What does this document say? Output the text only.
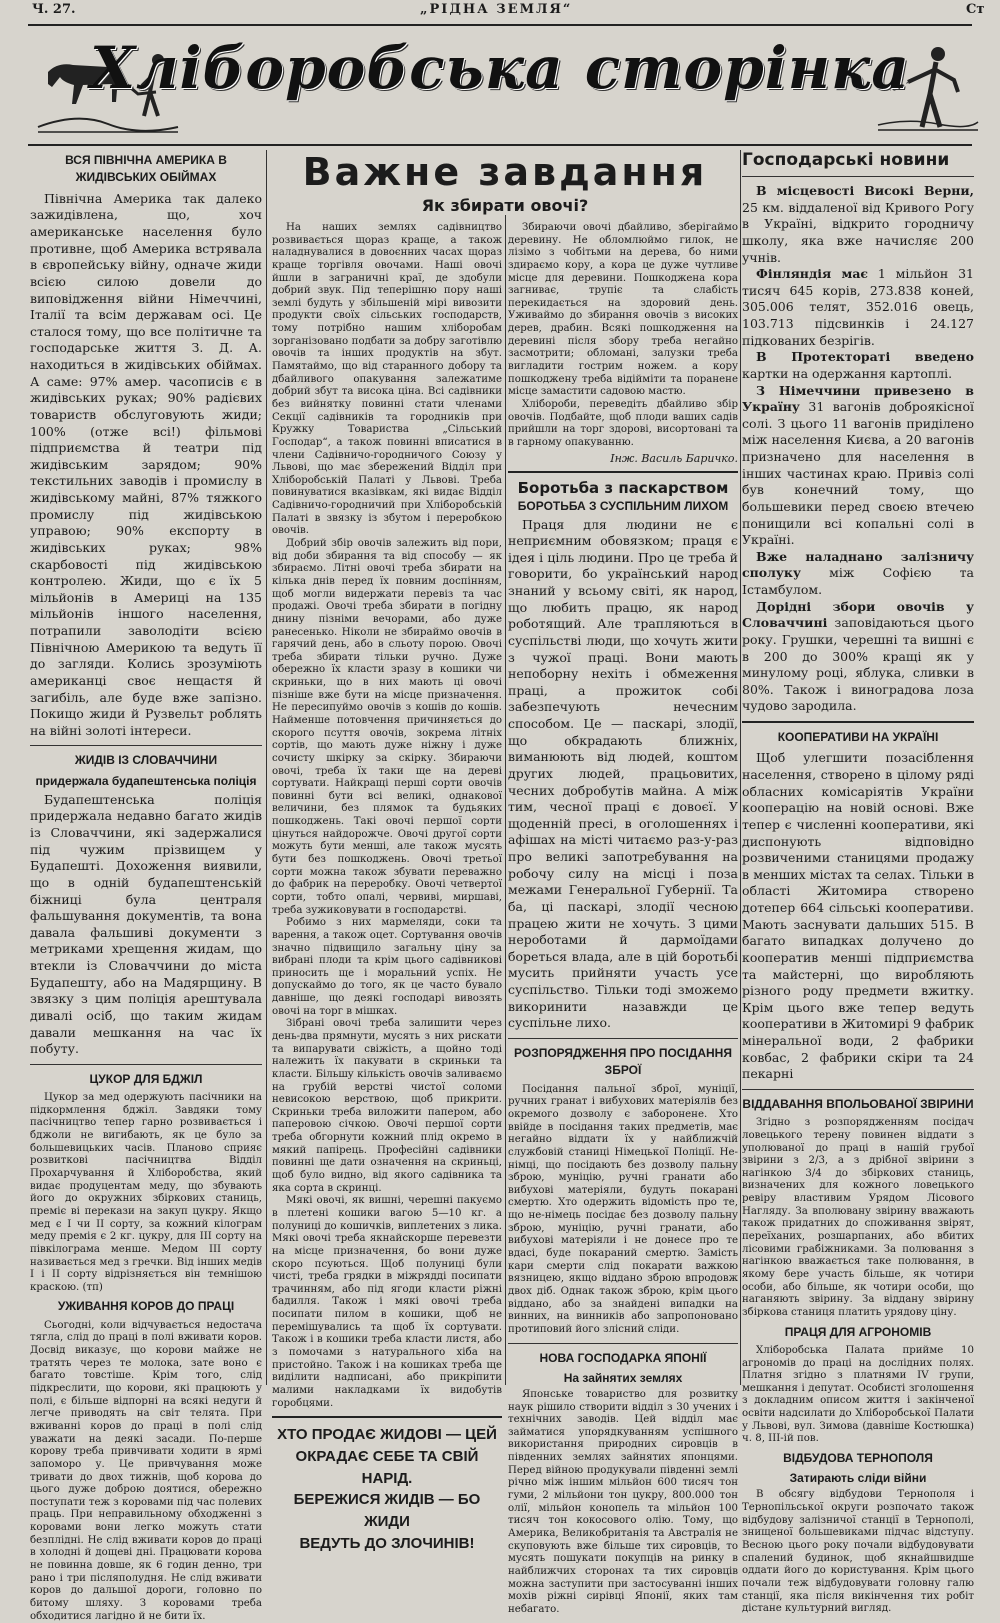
Ч. 27.	„РІДНА ЗЕМЛЯ“	Ст
Хліборобська сторінка
ВСЯ ПІВНІЧНА АМЕРИКА В ЖИДІВСЬКИХ ОБІЙМАХ

Північна Америка так далеко зажидівлена, що, хоч американське населення було противне, щоб Америка встрявала в європейську війну, одначе жиди всією силою довели до виповідження війни Німеччині, Італії та всім державам осі. Це сталося тому, що все політичне та господарське життя З. Д. А. находиться в жидівських обіймах. А саме: 97% амер. часописів є в жидівських руках; 90% радієвих товариств обслуговують жиди; 100% (отже всі!) фільмові підприємства й театри під жидівським зарядом; 90% текстильних заводів і промислу в жидівському майні, 87% тяжкого промислу під жидівською управою; 90% експорту в жидівських руках; 98% скарбовості під жидівською контролею. Жиди, що є їх 5 мільйонів в Америці на 135 мільйонів іншого населення, потрапили заволодіти всією Північною Америкою та ведуть її до загляди. Колись зрозуміють американці своє нещастя й загибіль, але буде вже запізно. Покищо жиди й Рузвельт роблять на війні золоті інтереси.

ЖИДІВ ІЗ СЛОВАЧЧИНИ
придержала будапештенська поліція

Будапештенська поліція придержала недавно багато жидів із Словаччини, які задержалися під чужим прізвищем у Будапешті. Дохоження виявили, що в одній будапештенській біжниці була централя фальшування документів, та вона давала фальшиві документи з метриками хрещення жидам, що втекли із Словаччини до міста Будапешту, або на Мадярщину. В звязку з цим поліція арештувала дивалі осіб, що таким жидам давали мешкання на час їх побуту.

ЦУКОР ДЛЯ БДЖІЛ

Цукор за мед одержують пасічники на підкормлення бджіл. Завдяки тому пасічництво тепер гарно розвивається і бджоли не вигибають, як це було за большевицьких часів. Планово сприяє розвиткові пасічництва Відділ Прохарчування й Хліборобства, який видає продуцентам меду, що збувають його до окружних збіркових станиць, преміє ві перекази на закуп цукру. Якщо мед є І чи ІІ сорту, за кожний кілограм меду премія є 2 кг. цукру, для ІІІ сорту на півкілограма менше. Медом ІІІ сорту називається мед з гречки. Від інших медів І і ІІ сорту відрізняється він темнішою краскою. (тп)

УЖИВАННЯ КОРОВ ДО ПРАЦІ

Сьогодні, коли відчувається недостача тягла, слід до праці в полі вживати коров. Досвід виказує, що корови майже не тратять через те молока, зате воно є багато товстіше. Крім того, слід підкреслити, що корови, які працюють у полі, є більше відпорні на всякі недуги й легче приводять на світ телята. При вживанні коров до праці в полі слід уважати на деякі засади. По-перше корову треба привчивати ходити в ярмі запоморо у. Це привчування може тривати до двох тижнів, щоб корова до цього дуже доброю доятися, обережно поступати теж з коровами під час полевих праць. При неправильному обходженні з коровами вони легко можуть стати безплідні. Не слід вживати коров до праці в холодні й дощеві дні. Працювати корова не повинна довше, як 6 годин денно, три рано і три післяполудня. Не слід вживати коров до дальшої дороги, головно по битому шляху. З коровами треба обходитися лагідно й не бити їх.

Важне завдання
Як збирати овочі?

На наших землях садівництво розвивається щораз краще, а також наладнувалися в довоєнних часах щораз краще торгівля овочами. Наші овочі йшли в заграничні краї, де здобули добрий звук. Під теперішню пору наші землі будуть у збільшеній мірі вивозити продукти своїх сільських господарств, тому потрібно нашим хліборобам зорганізовано подбати за добру заготівлю овочів та інших продуктів на збут. Памятаймо, що від старанного добору та дбайливого опакування залежатиме добрий збут та висока ціна. Всі садівники без вийнятку повинні стати членами Секції садівників та городників при Кружку Товариства „Сільський Господар“, а також повинні вписатися в члени Садівничо-городничого Союзу у Львові, що має збережений Відділ при Хліборобській Палаті у Львові. Треба повинуватися вказівкам, які видає Відділ Садівничо-городничий при Хліборобській Палаті в звязку із збутом і переробкою овочів.

Добрий збір овочів залежить від пори, від доби збирання та від способу — як збираємо. Літні овочі треба збирати на кілька днів перед їх повним доспінням, щоб могли видержати перевіз та час продажі. Овочі треба збирати в погідну днину пізніми вечорами, або дуже ранесенько. Ніколи не збираймо овочів в гарячий день, або в сльоту порою. Овочі треба збирати тільки ручно. Дуже обережно їх класти зразу в кошики чи скриньки, що в них мають ці овочі пізніше вже бути на місце призначення. Не пересипуймо овочів з кошів до кошів. Найменше потовчення причиняється до скорого псуття овочів, зокрема літніх сортів, що мають дуже ніжну і дуже сочисту шкірку за скірку. Збираючи овочі, треба їх таки ще на дереві сортувати. Найкращі перші сорти овочів повинні бути всі великі, однакової величини, без плямок та будьяких пошкоджень. Такі овочі першої сорти цінуться найдорожче. Овочі другої сорти можуть бути менші, але також мусять бути без пошкоджень. Овочі третьої сорти можна також збувати переважно до фабрик на переробку. Овочі четвертої сорти, тобто опалі, червиві, миршаві, треба зужиковувати в господарстві.

Робимо з них мармеляди, соки та варення, а також оцет. Сортування овочів значно підвищило загальну ціну за вибрані плоди та крім цього садівникові приносить ще і моральний успіх. Не допускаймо до того, як це часто бувало давніше, що деякі господарі вивозять овочі на торг в мішках.

Зібрані овочі треба залишити через день-два прямнути, мусять з них рискати та випарувати свіжість, а щойно тоді належить їх пакувати в скриньки та класти. Більшу кількість овочів заливаємо на грубій верстві чистої соломи невисокою верствою, щоб прикрити. Скриньки треба виложити папером, або паперовою січкою. Овочі першої сорти треба обгорнути кожний плід окремо в мякий папірець. Професійні садівники повинні ще дати означення на скриньці, щоб було видно, від якого садівника та яка сорта в скринці.

Мякі овочі, як вишні, черешні пакуємо в плетені кошики вагою 5—10 кг. а полуниці до кошичків, виплетених з лика. Мякі овочі треба якнайскорше перевезти на місце призначення, бо вони дуже скоро псуються. Щоб полуниці були чисті, треба грядки в міжрядді посипати трачинням, або під ягоди класти ріжні бадилля. Також і мякі овочі треба посипати пилом в кошики, щоб не перемішувались та щоб їх сортувати. Також і в кошики треба класти листя, або з помочами з натурального хіба на пристойно. Також і на кошиках треба ще виділити надписані, або прикріпити малими накладками їх видобутів горобцями.

ХТО ПРОДАЄ ЖИДОВІ — ЦЕЙ
ОКРАДАЄ СЕБЕ ТА СВІЙ НАРІД.
БЕРЕЖИСЯ ЖИДІВ — БО ЖИДИ
ВЕДУТЬ ДО ЗЛОЧИНІВ!

Збираючи овочі дбайливо, зберігаймо деревину. Не обломлюймо гилок, не лізімо з чобітьми на дерева, бо ними здираємо кору, а кора це дуже чутливе місце для деревини. Пошкоджена кора загниває, трупіє та слабість перекидається на здоровий день. Уживаймо до збирання овочів з високих дерев, драбин. Всякі пошкодження на деревині після збору треба негайно засмотрити; обломані, залузки треба вигладити гострим ножем. а кору пошкоджену треба відійміти та поранене місце замастити садовою мастю.

Хлібороби, переведіть дбайливо збір овочів. Подбайте, щоб плоди ваших садів прийшли на торг здорові, висортовані та в гарному опакуванню.

Інж. Василь Баричко.
Боротьба з паскарством
БОРОТЬБА З СУСПІЛЬНИМ ЛИХОМ

Праця для людини не є неприємним обовязком; праця є ідея і ціль людини. Про це треба й говорити, бо український народ знаний у всьому світі, як народ, що любить працю, як народ роботящий. Але трапляються в суспільстві люди, що хочуть жити з чужої праці. Вони мають непоборну нехіть і обмеження праці, а прожиток собі забезпечують нечесним способом. Це — паскарі, злодії, що обкрадають ближніх, виманюють від людей, коштом других людей, працьовитих, чесних добробутів майна. А між тим, чесної праці є довоєї. У щоденній пресі, в оголошеннях і афішах на місті читаємо раз-у-раз про великі запотребування на робочу силу на місці і поза межами Генеральної Губернії. Та ба, ці паскарі, злодії чесною працею жити не хочуть. З цими нероботами й дармоїдами бореться влада, але в цій боротьбі мусить прийняти участь усе суспільство. Тільки тоді зможемо викоринити назавжди це суспільне лихо.

РОЗПОРЯДЖЕННЯ ПРО ПОСІДАННЯ ЗБРОЇ

Посідання пальної зброї, муніції, ручних гранат і вибухових матеріялів без окремого дозволу є заборонене. Хто ввійде в посідання таких предметів, має негайно віддати їх у найближчій службовій станиці Німецької Поліції. Не-німці, що посідають без дозволу пальну зброю, муніцію, ручні гранати або вибухові матеріяли, будуть покарані смертю. Хто одержить відомість про те, що не-німець посідає без дозволу пальну зброю, муніцію, ручні гранати, або вибухові матеріяли і не донесе про те вдасі, буде покараний смертю. Замість кари смерти слід покарати важкою вязницею, якщо віддано зброю впродовж двох діб. Однак також зброю, крім цього віддано, або за знайдені випадки на винних, на винників або запропоновано протиповий його злісний сліди.

НОВА ГОСПОДАРКА ЯПОНІЇ
На зайнятих землях

Японське товариство для розвитку наук рішило створити відділ з 30 учених і технічних заводів. Цей відділ має займатися упорядкуванням успішного використання природних сировців в південних землях зайнятих японцями. Перед війною продукували південні землі річно між іншим мільйон 600 тисяч тон гуми, 2 мільйони тон цукру, 800.000 тон олії, мільйон конопель та мільйон 100 тисяч тон кокосового олію. Тому, що Америка, Великобританія та Австралія не скуповують вже більше тих сировців, то мусять пошукати покупців на ринку в найближчих сторонах та тих сировців можна заступити при застосуванні інших мохів ріжні сирівці Японії, яких там небагато.

Господарські новини

В місцевості Високі Верни, 25 км. віддаленої від Кривого Рогу в Україні, відкрито городничу школу, яка вже начисляє 200 учнів.

Фінляндія має 1 мільйон 31 тисяч 645 корів, 273.838 коней, 305.006 телят, 352.016 овець, 103.713 підсвинків і 24.127 підкованих безрігів.

В Протектораті введено картки на одержання картоплі.

З Німеччини привезено в Україну 31 вагонів доброякісної солі. З цього 11 вагонів приділено між населення Києва, а 20 вагонів призначено для населення в інших частинах краю. Привіз солі був конечний тому, що большевики перед своєю втечею понищили всі копальні солі в Україні.

Вже наладнано залізничу сполуку між Софією та Істамбулом.

Дорідні збори овочів у Словаччині заповідаються цього року. Грушки, черешні та вишні є в 200 до 300% кращі як у минулому році, яблука, сливки в 80%. Також і виноградова лоза чудово зародила.

КООПЕРАТИВИ НА УКРАЇНІ

Щоб улегшити позасіблення населення, створено в цілому ряді обласних комісаріятів України кооперацію на новій основі. Вже тепер є численні кооперативи, які диспонують відповідно розвиченими станицями продажу в менших містах та селах. Тільки в області Житомира створено дотепер 664 сільські кооперативи. Мають заснувати дальших 515. В багато випадках долучено до кооператив менші підприємства та майстерні, що виробляють різного роду предмети вжитку. Крім цього вже тепер ведуть кооперативи в Житомирі 9 фабрик мінеральної води, 2 фабрики ковбас, 2 фабрики скіри та 24 пекарні

ВІДДАВАННЯ ВПОЛЬОВАНОЇ ЗВІРИНИ

Згідно з розпорядженням посідач ловецького терену повинен віддати з уполюваної до праці в нашій грубої звірини з 2/3, а з дрібної звірини з нагінкою 3/4 до збіркових станиць, визначених для кожного ловецького ревіру властивим Урядом Лісового Нагляду. За вполювану звірину вважають також придатних до споживання звірят, переїханих, розшарпаних, або вбитих лісовими грабіжниками. За полювання з нагінкою вважається таке полювання, в якому бере участь більше, як чотири особи, або більше, як чотири особи, що наганяють звірину. За віддану звірину збіркова станиця платить урядову ціну.

ПРАЦЯ ДЛЯ АГРОНОМІВ

Хліборобська Палата прийме 10 агрономів до праці на дослідних полях. Платня згідно з платнями IV групи, мешкання і депутат. Особисті зголошення з докладним описом життя і закінченої освіти надсилати до Хліборобської Палати у Львові, вул. Зимова (давніше Костюшка) ч. 8, ІІІ-ій пов.

ВІДБУДОВА ТЕРНОПОЛЯ
Затирають сліди війни

В обсягу відбудови Тернополя і Тернопільської округи розпочато також відбудову залізничої станції в Тернополі, знищеної большевиками підчас відступу. Весною цього року почали відбудовувати спалений будинок, щоб якнайшвидше оддати його до користування. Крім цього почали теж відбудовувати головну галю станції, яка після викінчення тих робіт дістане культурний вигляд.
